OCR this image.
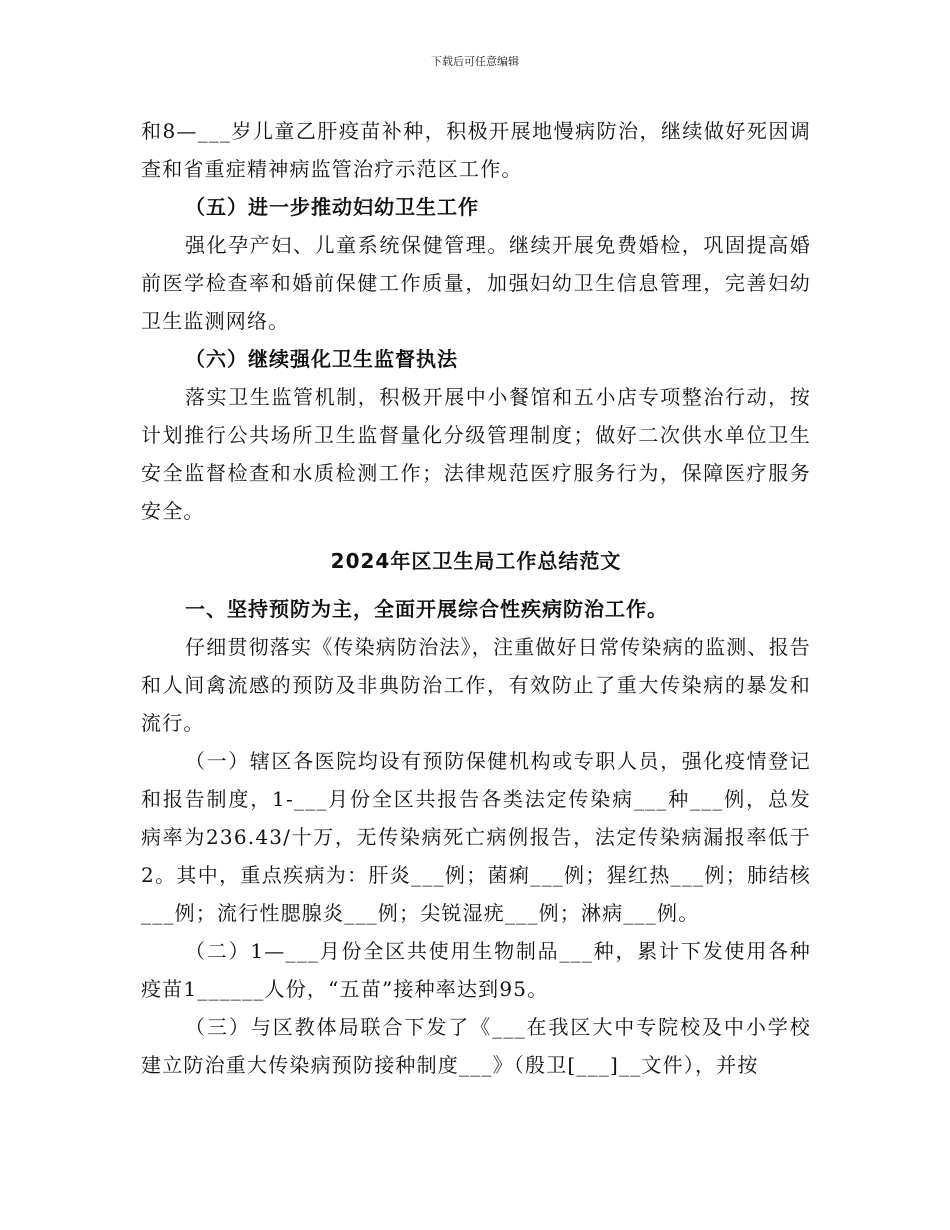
下载后可任意编辑

和8—___岁儿童乙肝疫苗补种，积极开展地慢病防治，继续做好死因调查和省重症精神病监管治疗示范区工作。

（五）进一步推动妇幼卫生工作

强化孕产妇、儿童系统保健管理。继续开展免费婚检，巩固提高婚前医学检查率和婚前保健工作质量，加强妇幼卫生信息管理，完善妇幼卫生监测网络。

（六）继续强化卫生监督执法

落实卫生监管机制，积极开展中小餐馆和五小店专项整治行动，按计划推行公共场所卫生监督量化分级管理制度；做好二次供水单位卫生安全监督检查和水质检测工作；法律规范医疗服务行为，保障医疗服务安全。

2024年区卫生局工作总结范文

一、坚持预防为主，全面开展综合性疾病防治工作。

仔细贯彻落实《传染病防治法》，注重做好日常传染病的监测、报告和人间禽流感的预防及非典防治工作，有效防止了重大传染病的暴发和流行。

（一）辖区各医院均设有预防保健机构或专职人员，强化疫情登记和报告制度，1-___月份全区共报告各类法定传染病___种___例，总发病率为236.43/十万，无传染病死亡病例报告，法定传染病漏报率低于2。其中，重点疾病为：肝炎___例；菌痢___例；猩红热___例；肺结核___例；流行性腮腺炎___例；尖锐湿疣___例；淋病___例。

（二）1—___月份全区共使用生物制品___种，累计下发使用各种疫苗1______人份，“五苗”接种率达到95。

（三）与区教体局联合下发了《___在我区大中专院校及中小学校建立防治重大传染病预防接种制度___》（殷卫[___]__文件），并按
